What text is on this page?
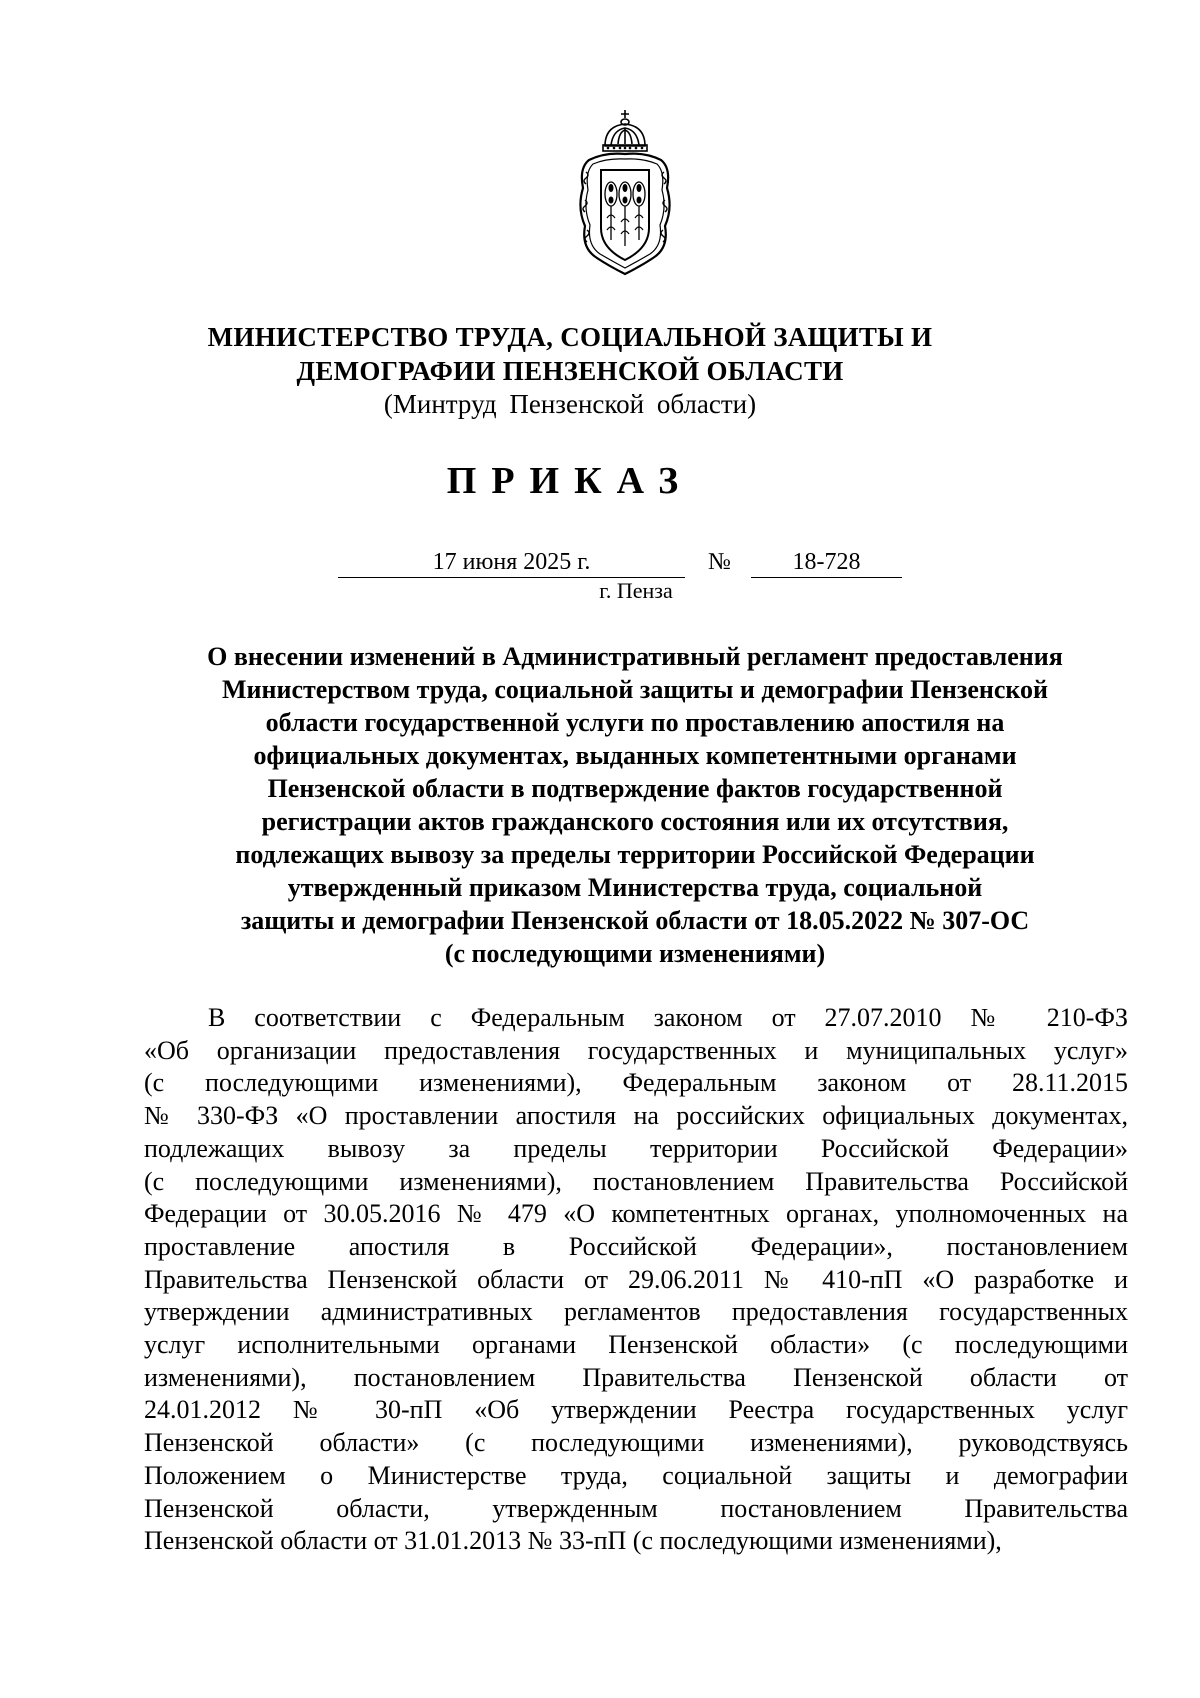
МИНИСТЕРСТВО ТРУДА, СОЦИАЛЬНОЙ ЗАЩИТЫ И
ДЕМОГРАФИИ ПЕНЗЕНСКОЙ ОБЛАСТИ
(Минтруд Пензенской области)
ПРИКАЗ
17 июня 2025 г.	№	18-728
г. Пенза
О внесении изменений в Административный регламент предоставления
Министерством труда, социальной защиты и демографии Пензенской
области государственной услуги по проставлению апостиля на
официальных документах, выданных компетентными органами
Пензенской области в подтверждение фактов государственной
регистрации актов гражданского состояния или их отсутствия,
подлежащих вывозу за пределы территории Российской Федерации
утвержденный приказом Министерства труда, социальной
защиты и демографии Пензенской области от 18.05.2022 № 307-ОС
(с последующими изменениями)
В соответствии с Федеральным законом от 27.07.2010 № 210-ФЗ
«Об организации предоставления государственных и муниципальных услуг»
(с последующими изменениями), Федеральным законом от 28.11.2015
№ 330-ФЗ «О проставлении апостиля на российских официальных документах,
подлежащих вывозу за пределы территории Российской Федерации»
(с последующими изменениями), постановлением Правительства Российской
Федерации от 30.05.2016 № 479 «О компетентных органах, уполномоченных на
проставление апостиля в Российской Федерации», постановлением
Правительства Пензенской области от 29.06.2011 № 410-пП «О разработке и
утверждении административных регламентов предоставления государственных
услуг исполнительными органами Пензенской области» (с последующими
изменениями), постановлением Правительства Пензенской области от
24.01.2012 № 30-пП «Об утверждении Реестра государственных услуг
Пензенской области» (с последующими изменениями), руководствуясь
Положением о Министерстве труда, социальной защиты и демографии
Пензенской области, утвержденным постановлением Правительства
Пензенской области от 31.01.2013 № 33-пП (с последующими изменениями),
